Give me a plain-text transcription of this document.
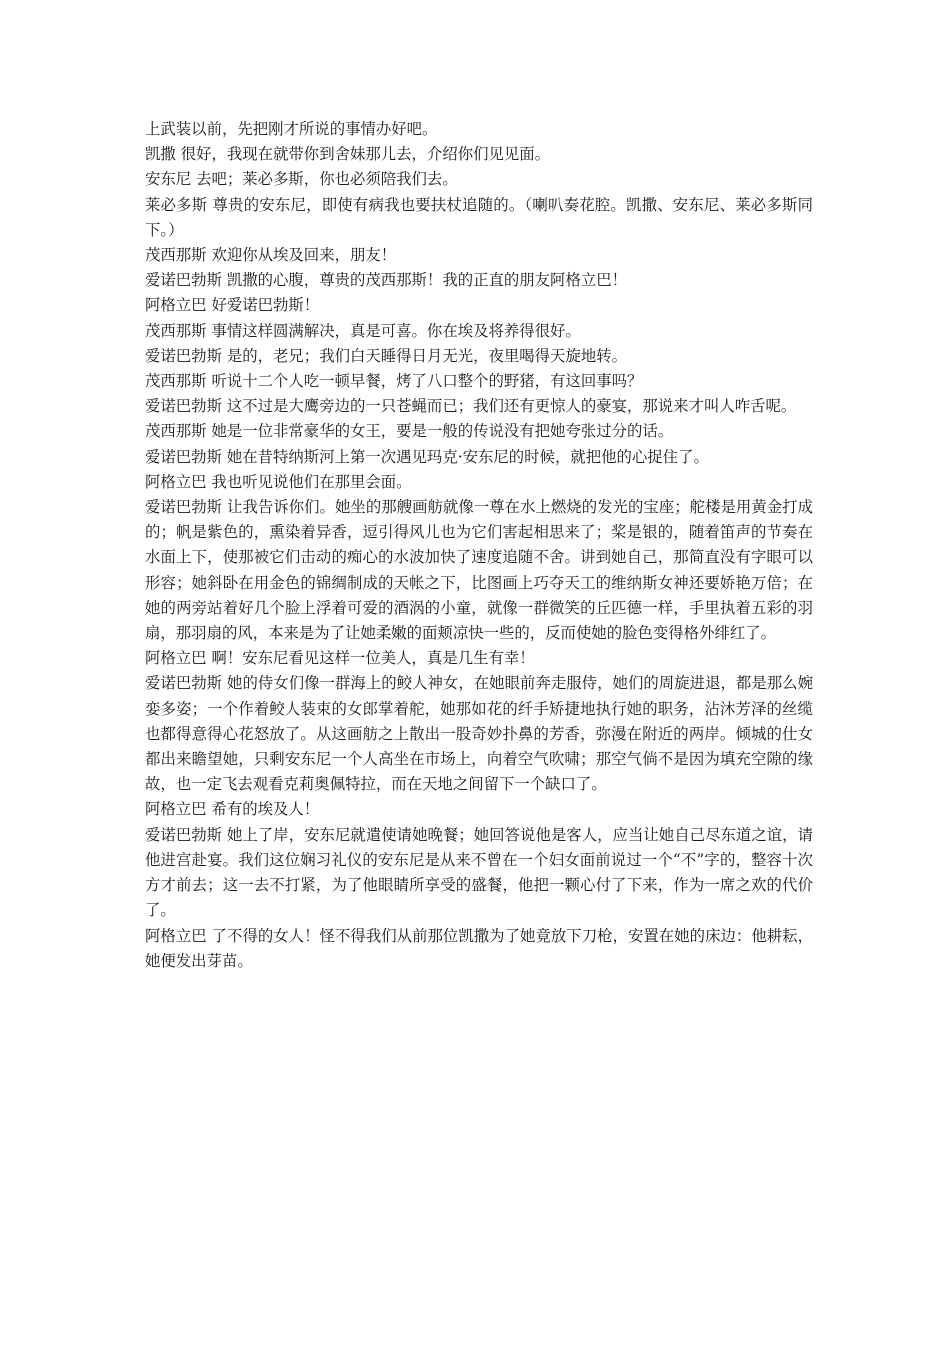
上武装以前，先把刚才所说的事情办好吧。

凯撒 很好，我现在就带你到舍妹那儿去，介绍你们见见面。

安东尼 去吧；莱必多斯，你也必须陪我们去。

莱必多斯 尊贵的安东尼，即使有病我也要扶杖追随的。（喇叭奏花腔。凯撒、安东尼、莱必多斯同下。）

茂西那斯 欢迎你从埃及回来，朋友！

爱诺巴勃斯 凯撒的心腹，尊贵的茂西那斯！我的正直的朋友阿格立巴！

阿格立巴 好爱诺巴勃斯！

茂西那斯 事情这样圆满解决，真是可喜。你在埃及将养得很好。

爱诺巴勃斯 是的，老兄；我们白天睡得日月无光，夜里喝得天旋地转。

茂西那斯 听说十二个人吃一顿早餐，烤了八口整个的野猪，有这回事吗？

爱诺巴勃斯 这不过是大鹰旁边的一只苍蝇而已；我们还有更惊人的豪宴，那说来才叫人咋舌呢。

茂西那斯 她是一位非常豪华的女王，要是一般的传说没有把她夸张过分的话。

爱诺巴勃斯 她在昔特纳斯河上第一次遇见玛克·安东尼的时候，就把他的心捉住了。

阿格立巴 我也听见说他们在那里会面。

爱诺巴勃斯 让我告诉你们。她坐的那艘画舫就像一尊在水上燃烧的发光的宝座；舵楼是用黄金打成的；帆是紫色的，熏染着异香，逗引得风儿也为它们害起相思来了；桨是银的，随着笛声的节奏在水面上下，使那被它们击动的痴心的水波加快了速度追随不舍。讲到她自己，那简直没有字眼可以形容；她斜卧在用金色的锦绸制成的天帐之下，比图画上巧夺天工的维纳斯女神还要娇艳万倍；在她的两旁站着好几个脸上浮着可爱的酒涡的小童，就像一群微笑的丘匹德一样，手里执着五彩的羽扇，那羽扇的风，本来是为了让她柔嫩的面颊凉快一些的，反而使她的脸色变得格外绯红了。

阿格立巴 啊！安东尼看见这样一位美人，真是几生有幸！

爱诺巴勃斯 她的侍女们像一群海上的鲛人神女，在她眼前奔走服侍，她们的周旋进退，都是那么婉娈多姿；一个作着鲛人装束的女郎掌着舵，她那如花的纤手矫捷地执行她的职务，沾沐芳泽的丝缆也都得意得心花怒放了。从这画舫之上散出一股奇妙扑鼻的芳香，弥漫在附近的两岸。倾城的仕女都出来瞻望她，只剩安东尼一个人高坐在市场上，向着空气吹啸；那空气倘不是因为填充空隙的缘故，也一定飞去观看克莉奥佩特拉，而在天地之间留下一个缺口了。

阿格立巴 希有的埃及人！

爱诺巴勃斯 她上了岸，安东尼就遣使请她晚餐；她回答说他是客人，应当让她自己尽东道之谊，请他进宫赴宴。我们这位娴习礼仪的安东尼是从来不曾在一个妇女面前说过一个“不”字的，整容十次方才前去；这一去不打紧，为了他眼睛所享受的盛餐，他把一颗心付了下来，作为一席之欢的代价了。

阿格立巴 了不得的女人！怪不得我们从前那位凯撒为了她竟放下刀枪，安置在她的床边：他耕耘，她便发出芽苗。
